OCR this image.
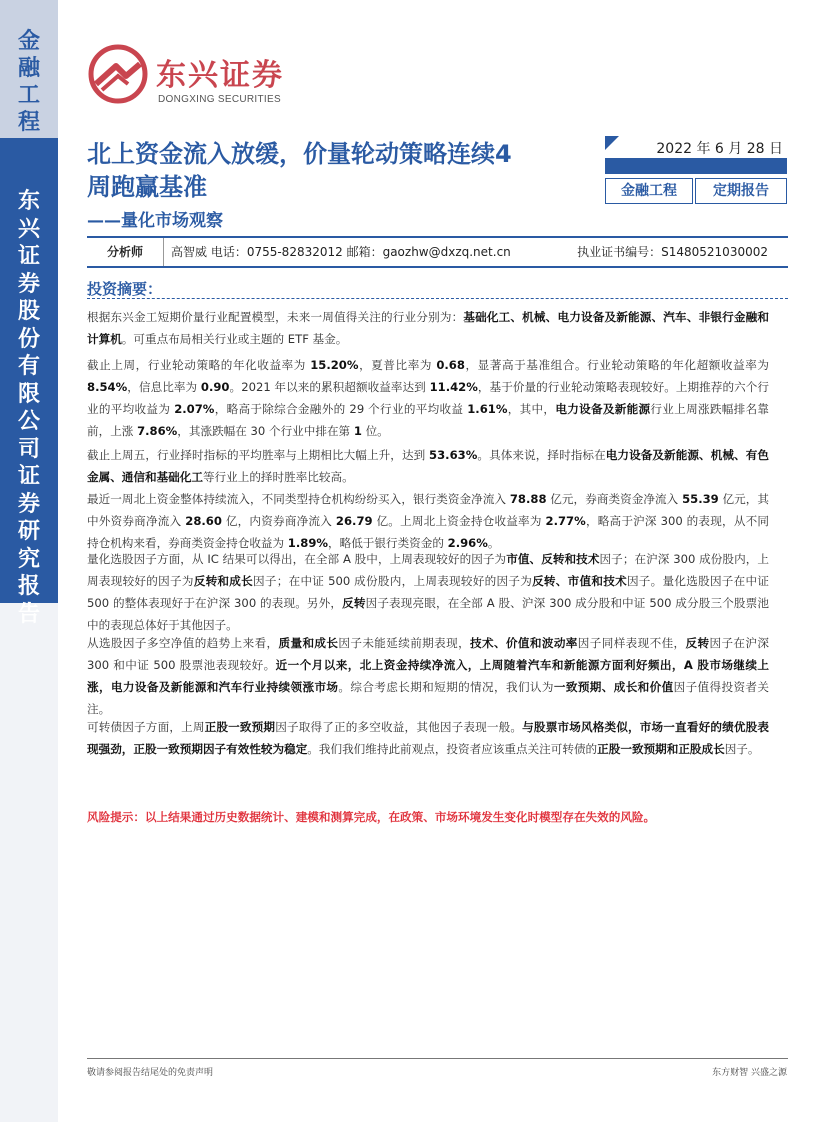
金融工程
东兴证券股份有限公司证券研究报告
东兴证券
DONGXING SECURITIES
北上资金流入放缓，价量轮动策略连续4
周跑赢基准
——量化市场观察
2022 年 6 月 28 日
金融工程	定期报告
分析师	高智威 电话：0755-82832012 邮箱：gaozhw@dxzq.net.cn	执业证书编号：S1480521030002
投资摘要：

根据东兴金工短期价量行业配置模型，未来一周值得关注的行业分别为：基础化工、机械、电力设备及新能源、汽车、非银行金融和计算机。可重点布局相关行业或主题的 ETF 基金。

截止上周，行业轮动策略的年化收益率为 15.20%，夏普比率为 0.68，显著高于基准组合。行业轮动策略的年化超额收益率为 8.54%，信息比率为 0.90。2021 年以来的累积超额收益率达到 11.42%，基于价量的行业轮动策略表现较好。上期推荐的六个行业的平均收益为 2.07%，略高于除综合金融外的 29 个行业的平均收益 1.61%，其中，电力设备及新能源行业上周涨跌幅排名靠前，上涨 7.86%，其涨跌幅在 30 个行业中排在第 1 位。

截止上周五，行业择时指标的平均胜率与上期相比大幅上升，达到 53.63%。具体来说，择时指标在电力设备及新能源、机械、有色金属、通信和基础化工等行业上的择时胜率比较高。

最近一周北上资金整体持续流入，不同类型持仓机构纷纷买入，银行类资金净流入 78.88 亿元，券商类资金净流入 55.39 亿元，其中外资券商净流入 28.60 亿，内资券商净流入 26.79 亿。上周北上资金持仓收益率为 2.77%，略高于沪深 300 的表现，从不同持仓机构来看，券商类资金持仓收益为 1.89%，略低于银行类资金的 2.96%。

量化选股因子方面，从 IC 结果可以得出，在全部 A 股中，上周表现较好的因子为市值、反转和技术因子；在沪深 300 成份股内，上周表现较好的因子为反转和成长因子；在中证 500 成份股内，上周表现较好的因子为反转、市值和技术因子。量化选股因子在中证 500 的整体表现好于在沪深 300 的表现。另外，反转因子表现亮眼，在全部 A 股、沪深 300 成分股和中证 500 成分股三个股票池中的表现总体好于其他因子。

从选股因子多空净值的趋势上来看，质量和成长因子未能延续前期表现，技术、价值和波动率因子同样表现不佳，反转因子在沪深 300 和中证 500 股票池表现较好。近一个月以来，北上资金持续净流入，上周随着汽车和新能源方面利好频出，A 股市场继续上涨，电力设备及新能源和汽车行业持续领涨市场。综合考虑长期和短期的情况，我们认为一致预期、成长和价值因子值得投资者关注。

可转债因子方面，上周正股一致预期因子取得了正的多空收益，其他因子表现一般。与股票市场风格类似，市场一直看好的绩优股表现强劲，正股一致预期因子有效性较为稳定。我们我们维持此前观点，投资者应该重点关注可转债的正股一致预期和正股成长因子。

风险提示：以上结果通过历史数据统计、建模和测算完成，在政策、市场环境发生变化时模型存在失效的风险。
敬请参阅报告结尾处的免责声明	东方财智 兴盛之源
